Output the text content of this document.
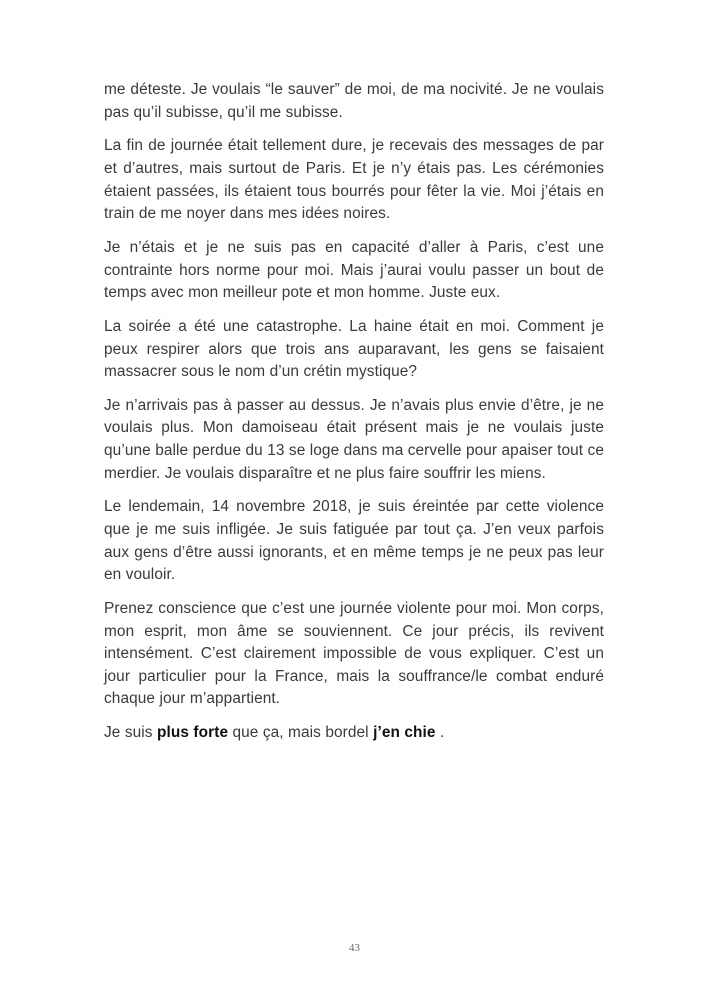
me déteste. Je voulais “le sauver” de moi, de ma nocivité. Je ne voulais pas qu’il subisse, qu’il me subisse.

La fin de journée était tellement dure, je recevais des messages de par et d’autres, mais surtout de Paris. Et je n’y étais pas. Les cérémonies étaient passées, ils étaient tous bourrés pour fêter la vie. Moi j’étais en train de me noyer dans mes idées noires.

Je n’étais et je ne suis pas en capacité d’aller à Paris, c’est une contrainte hors norme pour moi. Mais j’aurai voulu passer un bout de temps avec mon meilleur pote et mon homme. Juste eux.

La soirée a été une catastrophe. La haine était en moi. Comment je peux respirer alors que trois ans auparavant, les gens se faisaient massacrer sous le nom d’un crétin mystique?

Je n’arrivais pas à passer au dessus. Je n’avais plus envie d’être, je ne voulais plus. Mon damoiseau était présent mais je ne voulais juste qu’une balle perdue du 13 se loge dans ma cervelle pour apaiser tout ce merdier. Je voulais disparaître et ne plus faire souffrir les miens.

Le lendemain, 14 novembre 2018, je suis éreintée par cette violence que je me suis infligée. Je suis fatiguée par tout ça. J’en veux parfois aux gens d’être aussi ignorants, et en même temps je ne peux pas leur en vouloir.

Prenez conscience que c’est une journée violente pour moi. Mon corps, mon esprit, mon âme se souviennent. Ce jour précis, ils revivent intensément. C’est clairement impossible de vous expliquer. C’est un jour particulier pour la France, mais la souffrance/le combat enduré chaque jour m’appartient.

Je suis plus forte que ça, mais bordel j’en chie .

43
